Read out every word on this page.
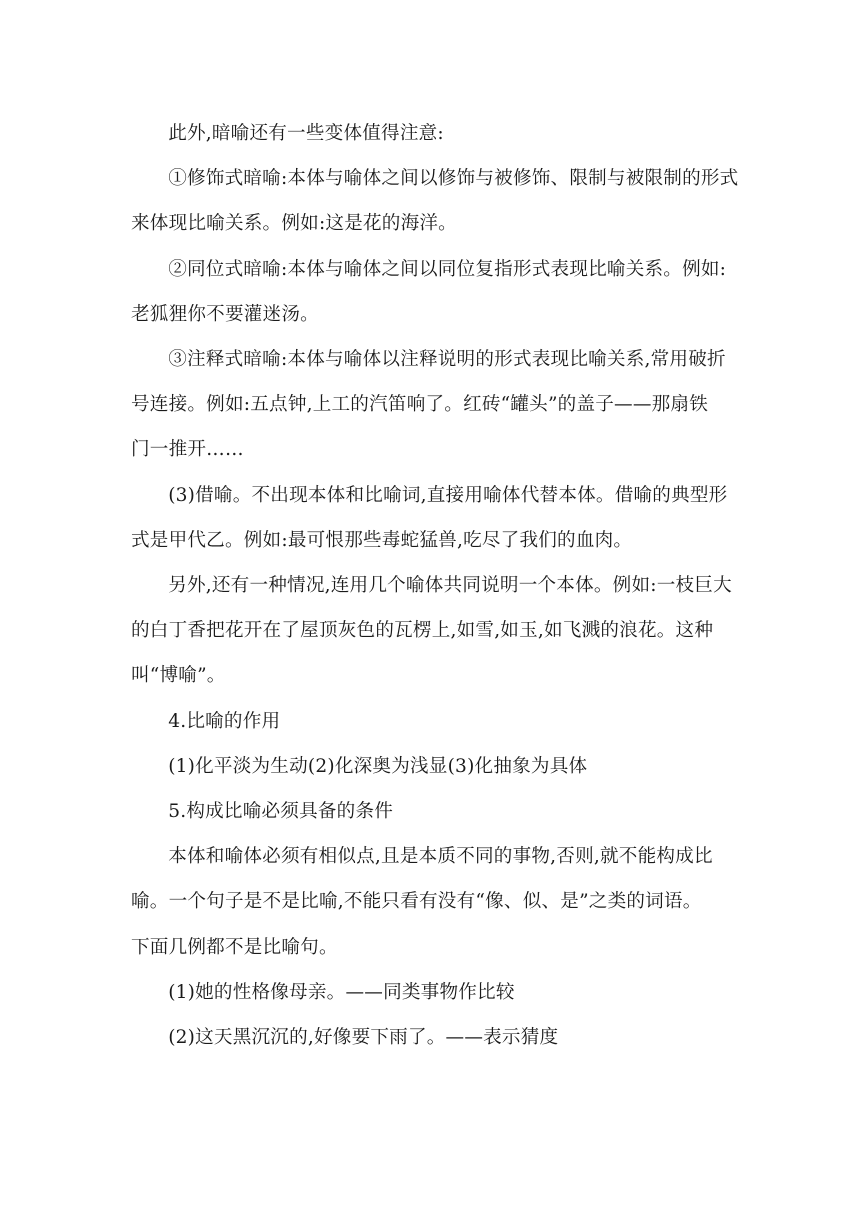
此外,暗喻还有一些变体值得注意:

①修饰式暗喻:本体与喻体之间以修饰与被修饰、限制与被限制的形式
来体现比喻关系。例如:这是花的海洋。

②同位式暗喻:本体与喻体之间以同位复指形式表现比喻关系。例如:
老狐狸你不要灌迷汤。

③注释式暗喻:本体与喻体以注释说明的形式表现比喻关系,常用破折
号连接。例如:五点钟,上工的汽笛响了。红砖“罐头”的盖子——那扇铁
门一推开……

(3)借喻。不出现本体和比喻词,直接用喻体代替本体。借喻的典型形
式是甲代乙。例如:最可恨那些毒蛇猛兽,吃尽了我们的血肉。

另外,还有一种情况,连用几个喻体共同说明一个本体。例如:一枝巨大
的白丁香把花开在了屋顶灰色的瓦楞上,如雪,如玉,如飞溅的浪花。这种
叫“博喻”。

4.比喻的作用

(1)化平淡为生动(2)化深奥为浅显(3)化抽象为具体

5.构成比喻必须具备的条件

本体和喻体必须有相似点,且是本质不同的事物,否则,就不能构成比
喻。一个句子是不是比喻,不能只看有没有“像、似、是”之类的词语。
下面几例都不是比喻句。

(1)她的性格像母亲。——同类事物作比较

(2)这天黑沉沉的,好像要下雨了。——表示猜度
